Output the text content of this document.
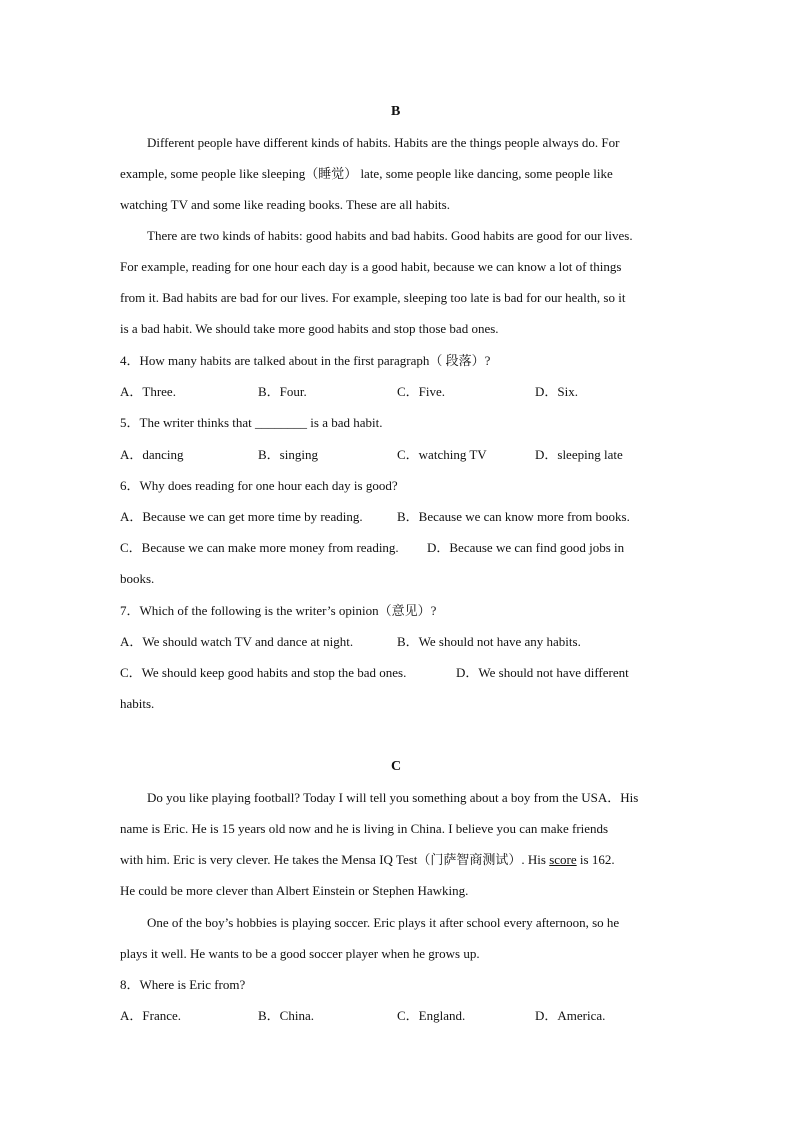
B
Different people have different kinds of habits. Habits are the things people always do. For
example, some people like sleeping（睡觉） late, some people like dancing, some people like
watching TV and some like reading books. These are all habits.
There are two kinds of habits: good habits and bad habits. Good habits are good for our lives.
For example, reading for one hour each day is a good habit, because we can know a lot of things
from it. Bad habits are bad for our lives. For example, sleeping too late is bad for our health, so it
is a bad habit. We should take more good habits and stop those bad ones.
4．How many habits are talked about in the first paragraph（ 段落）?
A．Three.	B．Four.	C．Five.	D．Six.
5．The writer thinks that ________ is a bad habit.
A．dancing	B．singing	C．watching TV	D．sleeping late
6．Why does reading for one hour each day is good?
A．Because we can get more time by reading.	B．Because we can know more from books.
C．Because we can make more money from reading. D．Because we can find good jobs in
books.
7．Which of the following is the writer’s opinion（意见）?
A．We should watch TV and dance at night.	B．We should not have any habits.
C．We should keep good habits and stop the bad ones.	D．We should not have different
habits.
C
Do you like playing football? Today I will tell you something about a boy from the USA．His
name is Eric. He is 15 years old now and he is living in China. I believe you can make friends
with him. Eric is very clever. He takes the Mensa IQ Test（门萨智商测试）. His score is 162.
He could be more clever than Albert Einstein or Stephen Hawking.
One of the boy’s hobbies is playing soccer. Eric plays it after school every afternoon, so he
plays it well. He wants to be a good soccer player when he grows up.
8．Where is Eric from?
A．France.	B．China.	C．England.	D．America.
